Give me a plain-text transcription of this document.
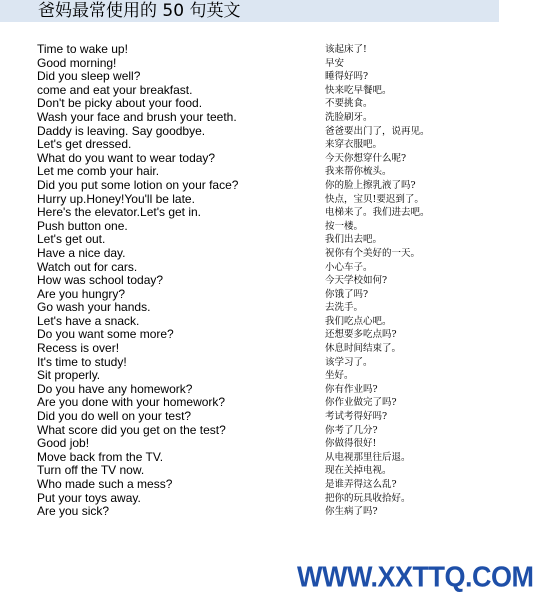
爸妈最常使用的 50 句英文
Time to wake up!	该起床了!
Good morning!	早安
Did you sleep well?	睡得好吗?
come and eat your breakfast.	快来吃早餐吧。
Don't be picky about your food.	不要挑食。
Wash your face and brush your teeth.	洗脸刷牙。
Daddy is leaving. Say goodbye.	爸爸要出门了，说再见。
Let's get dressed.	来穿衣服吧。
What do you want to wear today?	今天你想穿什么呢?
Let me comb your hair.	我来帮你梳头。
Did you put some lotion on your face?	你的脸上擦乳液了吗?
Hurry up.Honey!You'll be late.	快点，宝贝!要迟到了。
Here's the elevator.Let's get in.	电梯来了。我们进去吧。
Push button one.	按一楼。
Let's get out.	我们出去吧。
Have a nice day.	祝你有个美好的一天。
Watch out for cars.	小心车子。
How was school today?	今天学校如何?
Are you hungry?	你饿了吗?
Go wash your hands.	去洗手。
Let's have a snack.	我们吃点心吧。
Do you want some more?	还想要多吃点吗?
Recess is over!	休息时间结束了。
It's time to study!	该学习了。
Sit properly.	坐好。
Do you have any homework?	你有作业吗?
Are you done with your homework?	你作业做完了吗?
Did you do well on your test?	考试考得好吗?
What score did you get on the test?	你考了几分?
Good job!	你做得很好!
Move back from the TV.	从电视那里往后退。
Turn off the TV now.	现在关掉电视。
Who made such a mess?	是谁弄得这么乱?
Put your toys away.	把你的玩具收拾好。
Are you sick?	你生病了吗?
WWW.XXTTQ.COM
